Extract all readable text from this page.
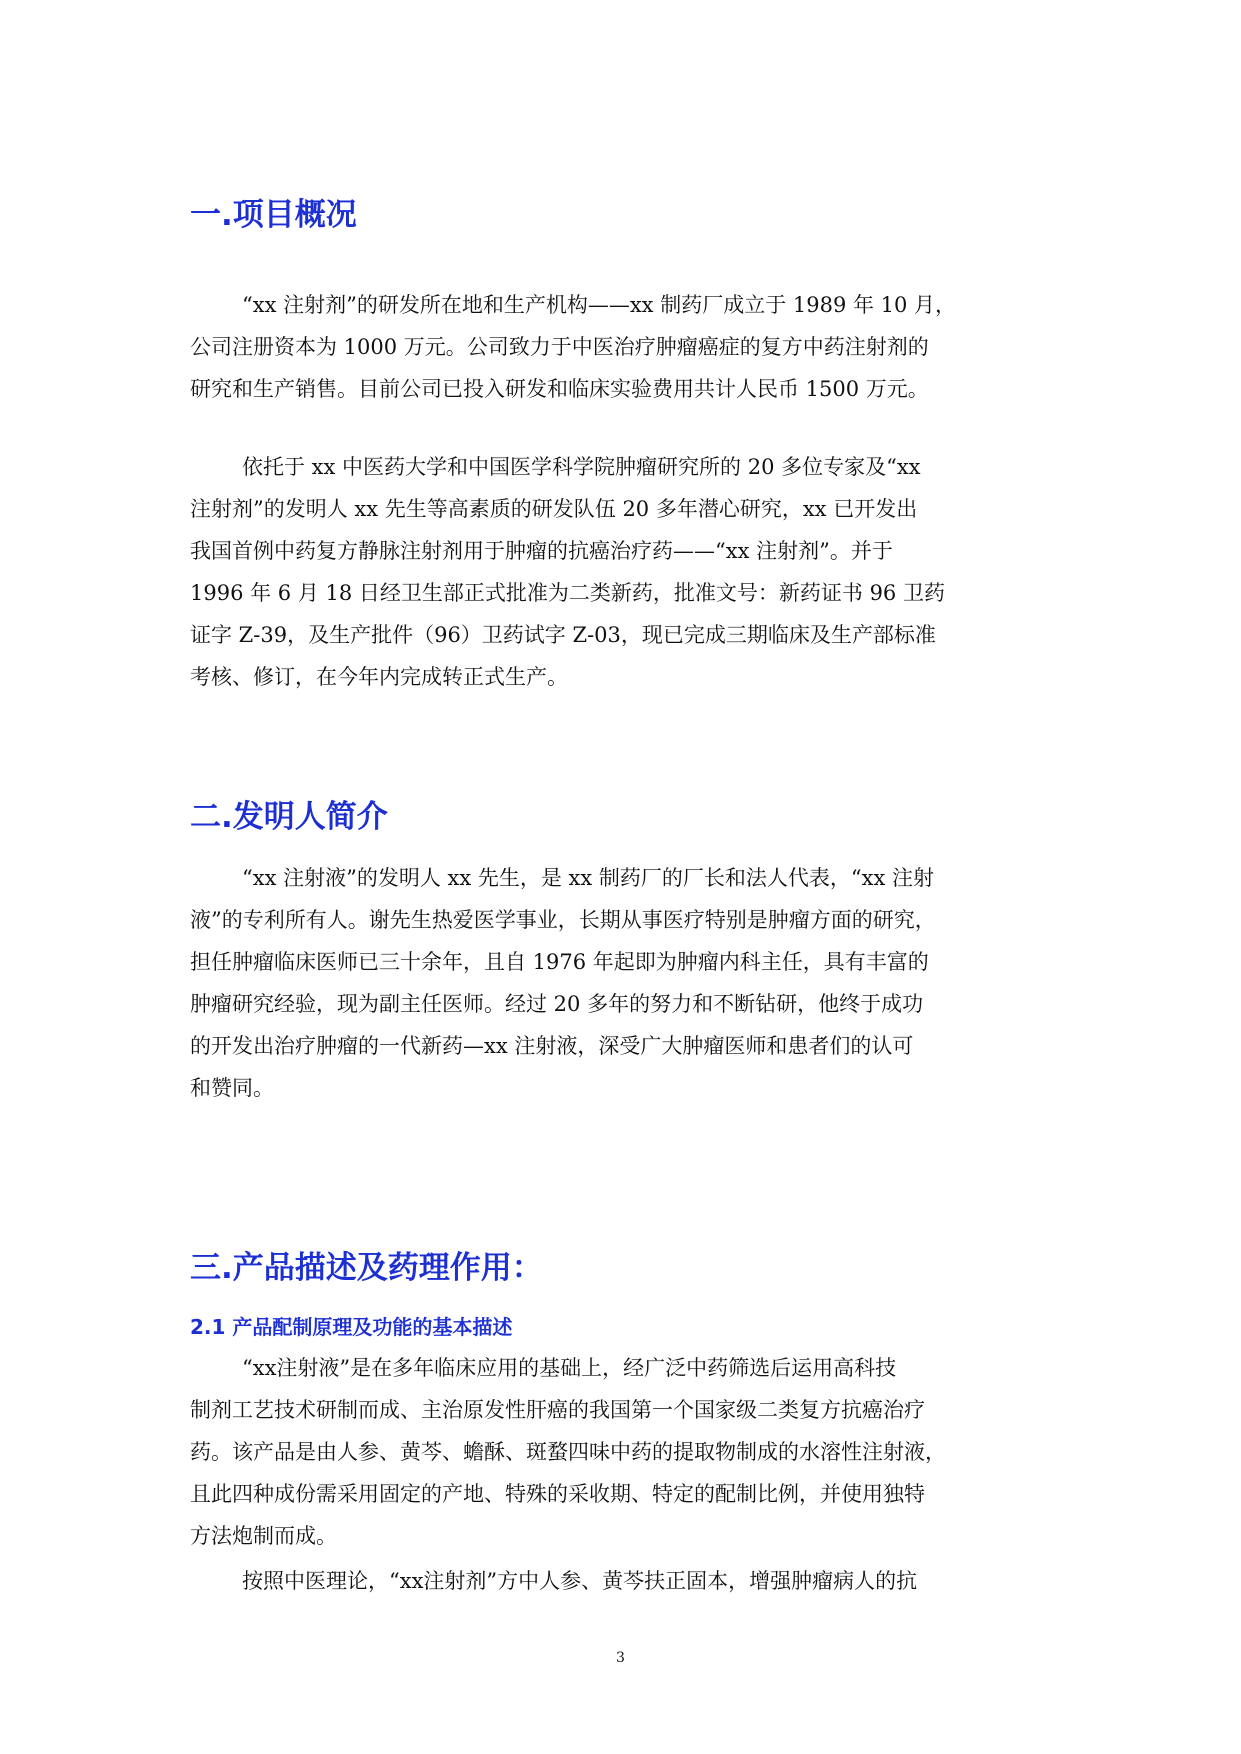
一.项目概况
“xx 注射剂”的研发所在地和生产机构——xx 制药厂成立于 1989 年 10 月，
公司注册资本为 1000 万元。公司致力于中医治疗肿瘤癌症的复方中药注射剂的
研究和生产销售。目前公司已投入研发和临床实验费用共计人民币 1500 万元。
依托于 xx 中医药大学和中国医学科学院肿瘤研究所的 20 多位专家及“xx
注射剂”的发明人 xx 先生等高素质的研发队伍 20 多年潜心研究，xx 已开发出
我国首例中药复方静脉注射剂用于肿瘤的抗癌治疗药——“xx 注射剂”。并于
1996 年 6 月 18 日经卫生部正式批准为二类新药，批准文号：新药证书 96 卫药
证字 Z-39，及生产批件（96）卫药试字 Z-03，现已完成三期临床及生产部标准
考核、修订，在今年内完成转正式生产。
二.发明人简介
“xx 注射液”的发明人 xx 先生，是 xx 制药厂的厂长和法人代表，“xx 注射
液”的专利所有人。谢先生热爱医学事业，长期从事医疗特别是肿瘤方面的研究，
担任肿瘤临床医师已三十余年，且自 1976 年起即为肿瘤内科主任，具有丰富的
肿瘤研究经验，现为副主任医师。经过 20 多年的努力和不断钻研，他终于成功
的开发出治疗肿瘤的一代新药—xx 注射液，深受广大肿瘤医师和患者们的认可
和赞同。
三.产品描述及药理作用：
2.1 产品配制原理及功能的基本描述
“xx注射液”是在多年临床应用的基础上，经广泛中药筛选后运用高科技
制剂工艺技术研制而成、主治原发性肝癌的我国第一个国家级二类复方抗癌治疗
药。该产品是由人参、黄芩、蟾酥、斑蝥四味中药的提取物制成的水溶性注射液，
且此四种成份需采用固定的产地、特殊的采收期、特定的配制比例，并使用独特
方法炮制而成。
按照中医理论，“xx注射剂”方中人参、黄芩扶正固本，增强肿瘤病人的抗
3
